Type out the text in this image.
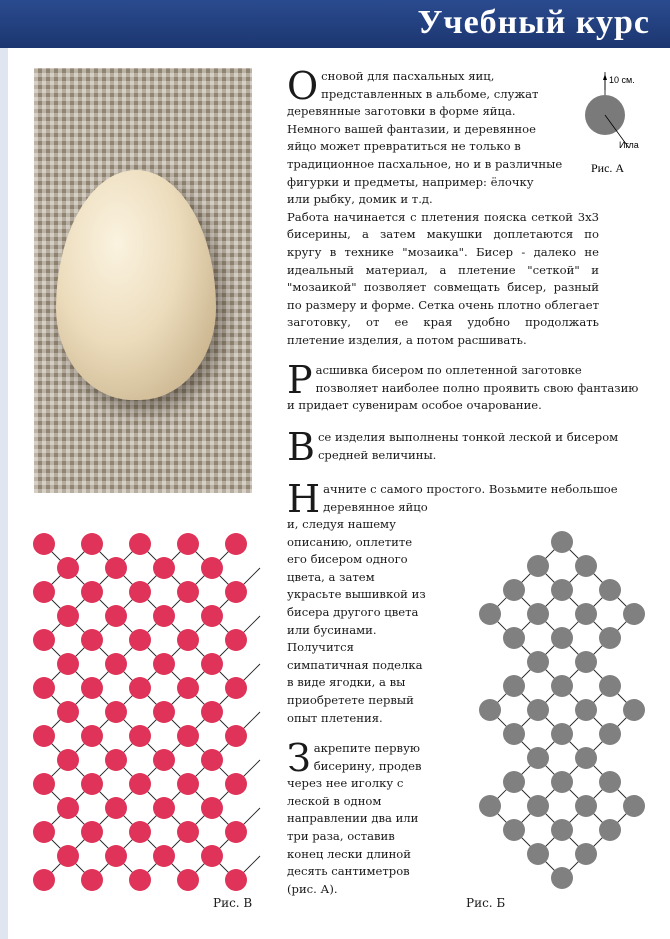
Учебный курс
О сновой для пасхальных яиц,
представленных в альбоме, служат
деревянные заготовки в форме яйца.
Немного вашей фантазии, и деревянное
яйцо может превратиться не только в
традиционное пасхальное, но и в различные
фигурки и предметы, например: ёлочку
или рыбку, домик и т.д.
Работа начинается с плетения пояска сеткой 3х3 бисерины, а затем макушки доплетаются по кругу в технике "мозаика". Бисер - далеко не идеальный материал, а плетение "сеткой" и "мозаикой" позволяет совмещать бисер, разный по размеру и форме. Сетка очень плотно облегает заготовку, от ее края удобно продолжать плетение изделия, а потом расшивать.
Р асшивка бисером по оплетенной заготовке
позволяет наиболее полно проявить свою фантазию
и придает сувенирам особое очарование.
В се изделия выполнены тонкой леской и бисером
средней величины.
Н ачните с самого простого. Возьмите небольшое
деревянное яйцо
и, следуя нашему
описанию, оплетите
его бисером одного
цвета, а затем
украсьте вышивкой из
бисера другого цвета
или бусинами.
Получится
симпатичная поделка
в виде ягодки, а вы
приобретете первый
опыт плетения.
З акрепите первую
бисерину, продев
через нее иголку с
леской в одном
направлении два или
три раза, оставив
конец лески длиной
десять сантиметров
(рис. А).
10 см.
Игла
Рис. А
Рис. В	Рис. Б
